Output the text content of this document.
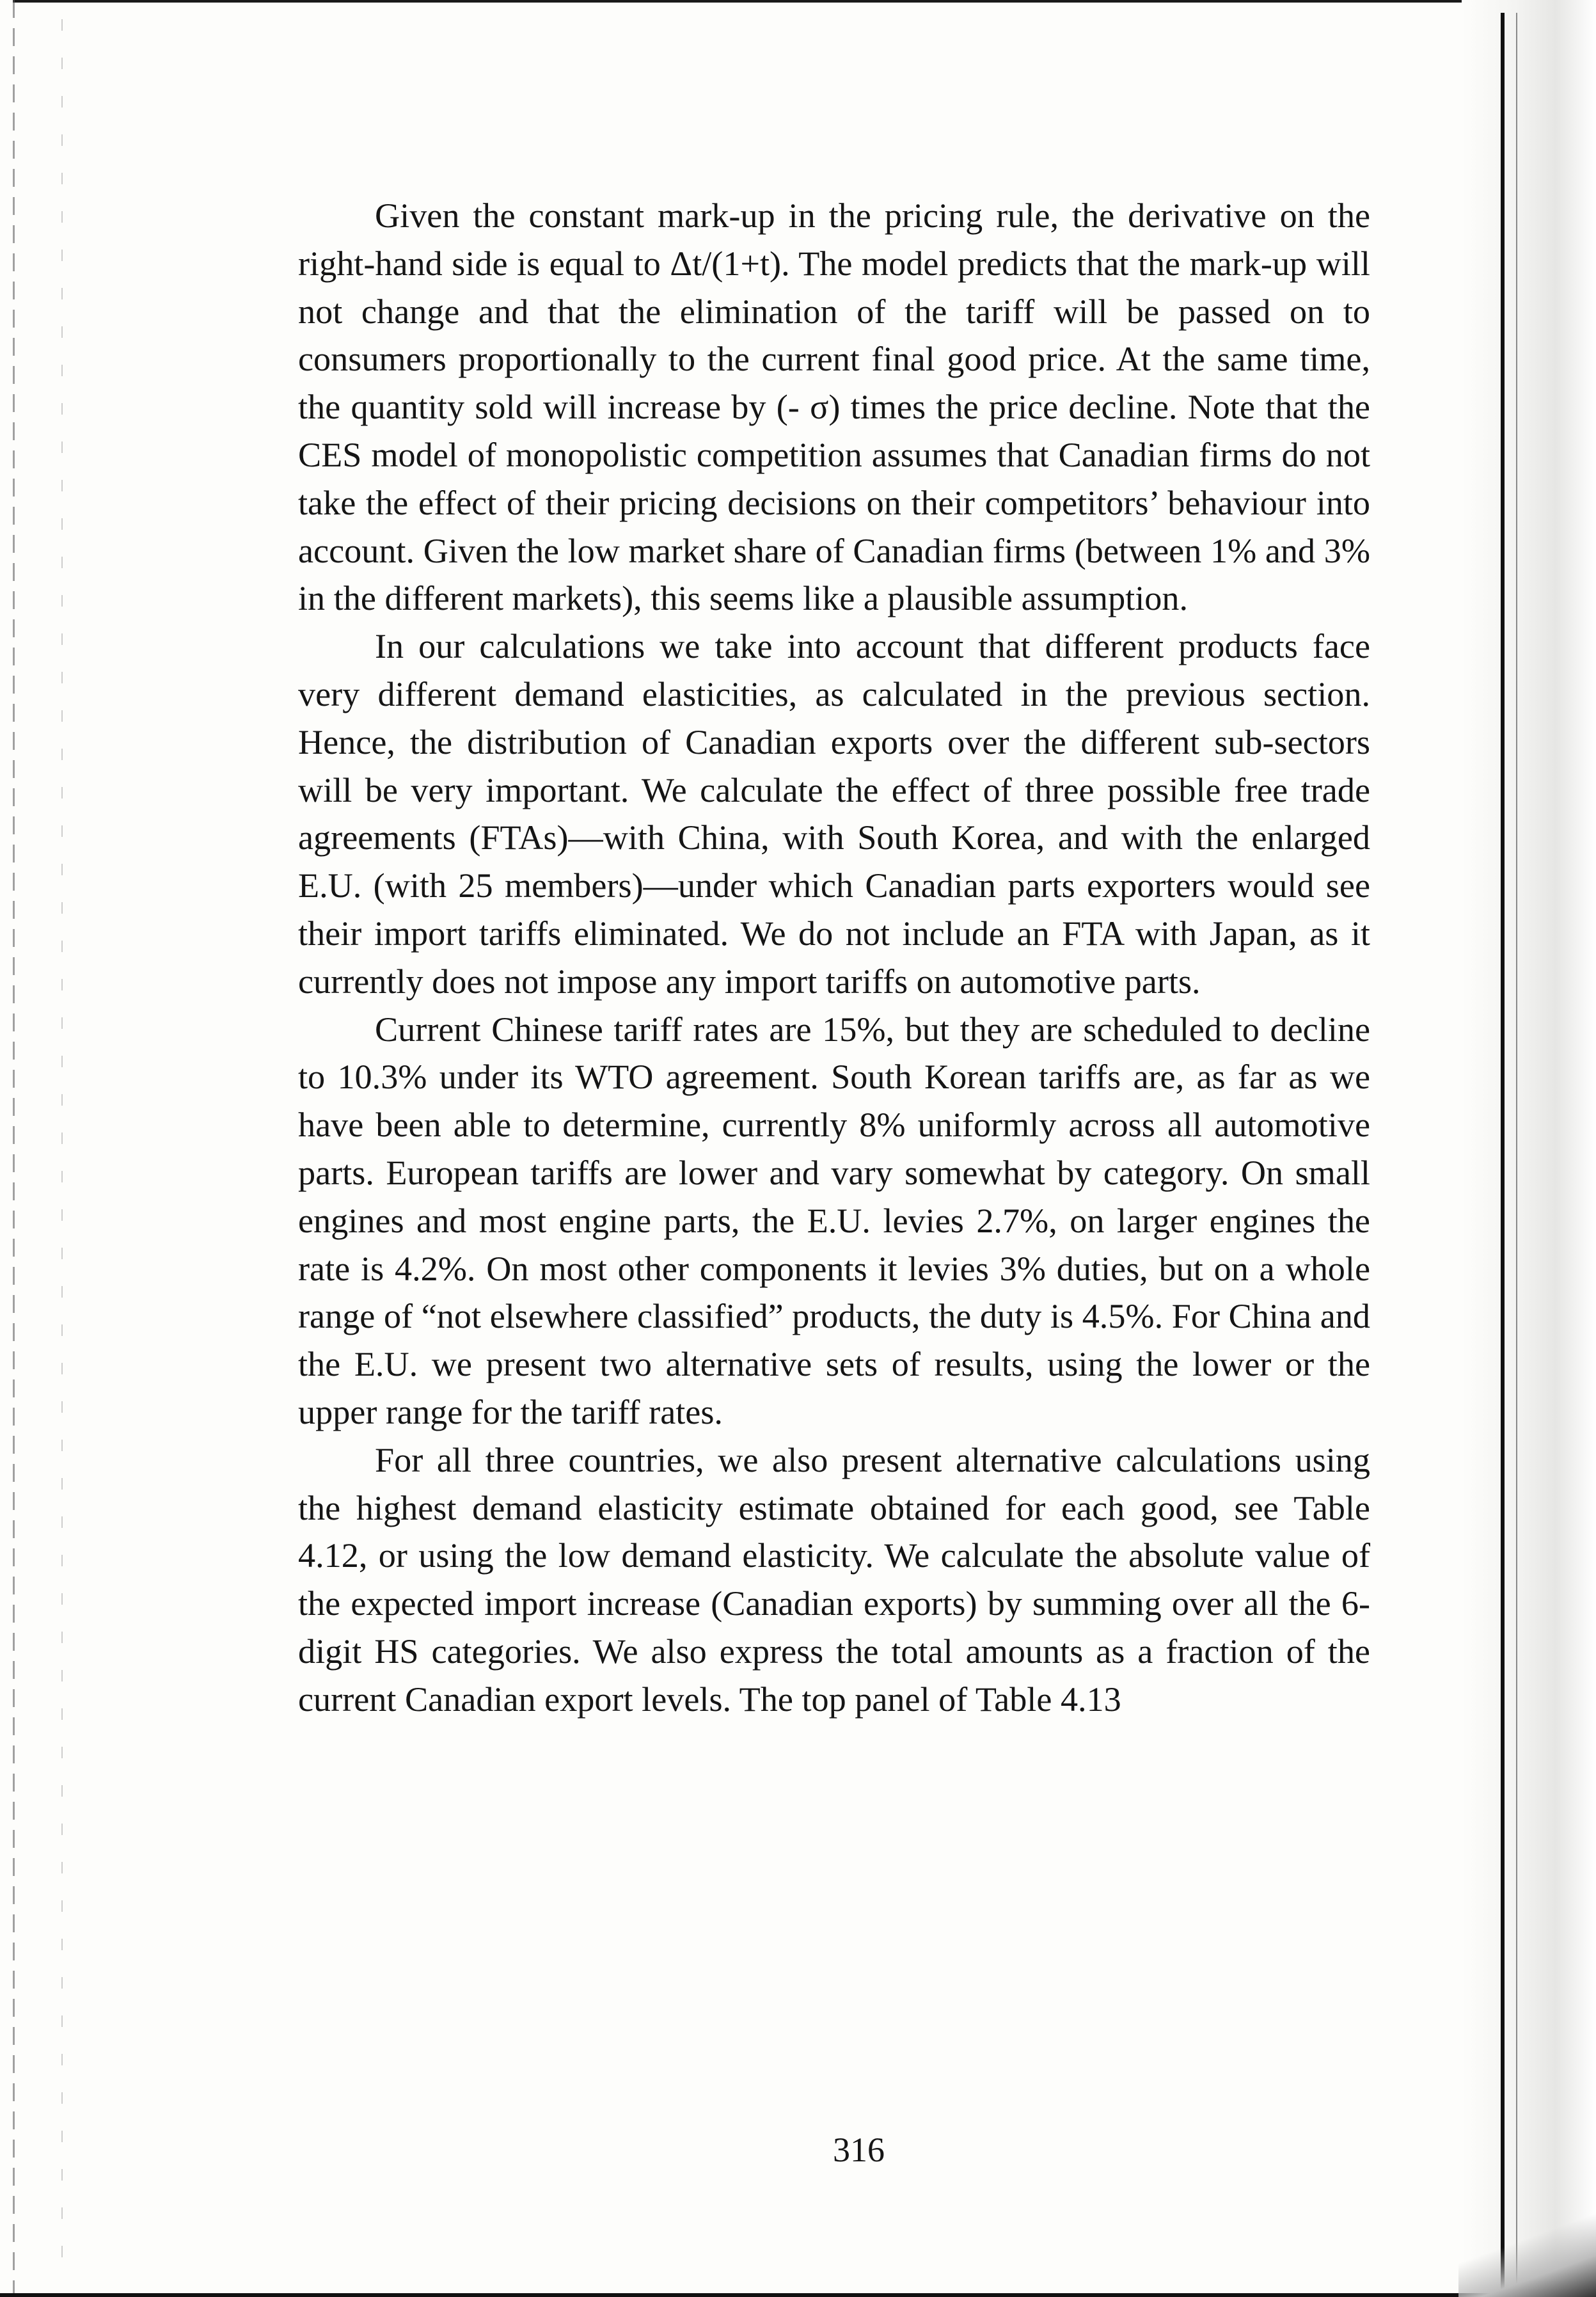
Given the constant mark-up in the pricing rule, the derivative on the right-hand side is equal to Δt/(1+t). The model predicts that the mark-up will not change and that the elimination of the tariff will be passed on to consumers proportionally to the current final good price. At the same time, the quantity sold will increase by (- σ) times the price decline. Note that the CES model of monopolistic competition assumes that Canadian firms do not take the effect of their pricing decisions on their competitors’ behaviour into account. Given the low market share of Canadian firms (between 1% and 3% in the different markets), this seems like a plausible assumption.

In our calculations we take into account that different products face very different demand elasticities, as calculated in the previous section. Hence, the distribution of Canadian exports over the different sub-sectors will be very important. We calculate the effect of three possible free trade agreements (FTAs)—with China, with South Korea, and with the enlarged E.U. (with 25 members)—under which Canadian parts exporters would see their import tariffs eliminated. We do not include an FTA with Japan, as it currently does not impose any import tariffs on automotive parts.

Current Chinese tariff rates are 15%, but they are scheduled to decline to 10.3% under its WTO agreement. South Korean tariffs are, as far as we have been able to determine, currently 8% uniformly across all automotive parts. European tariffs are lower and vary somewhat by category. On small engines and most engine parts, the E.U. levies 2.7%, on larger engines the rate is 4.2%. On most other components it levies 3% duties, but on a whole range of “not elsewhere classified” products, the duty is 4.5%. For China and the E.U. we present two alternative sets of results, using the lower or the upper range for the tariff rates.

For all three countries, we also present alternative calculations using the highest demand elasticity estimate obtained for each good, see Table 4.12, or using the low demand elasticity. We calculate the absolute value of the expected import increase (Canadian exports) by summing over all the 6-digit HS categories. We also express the total amounts as a fraction of the current Canadian export levels. The top panel of Table 4.13

316
